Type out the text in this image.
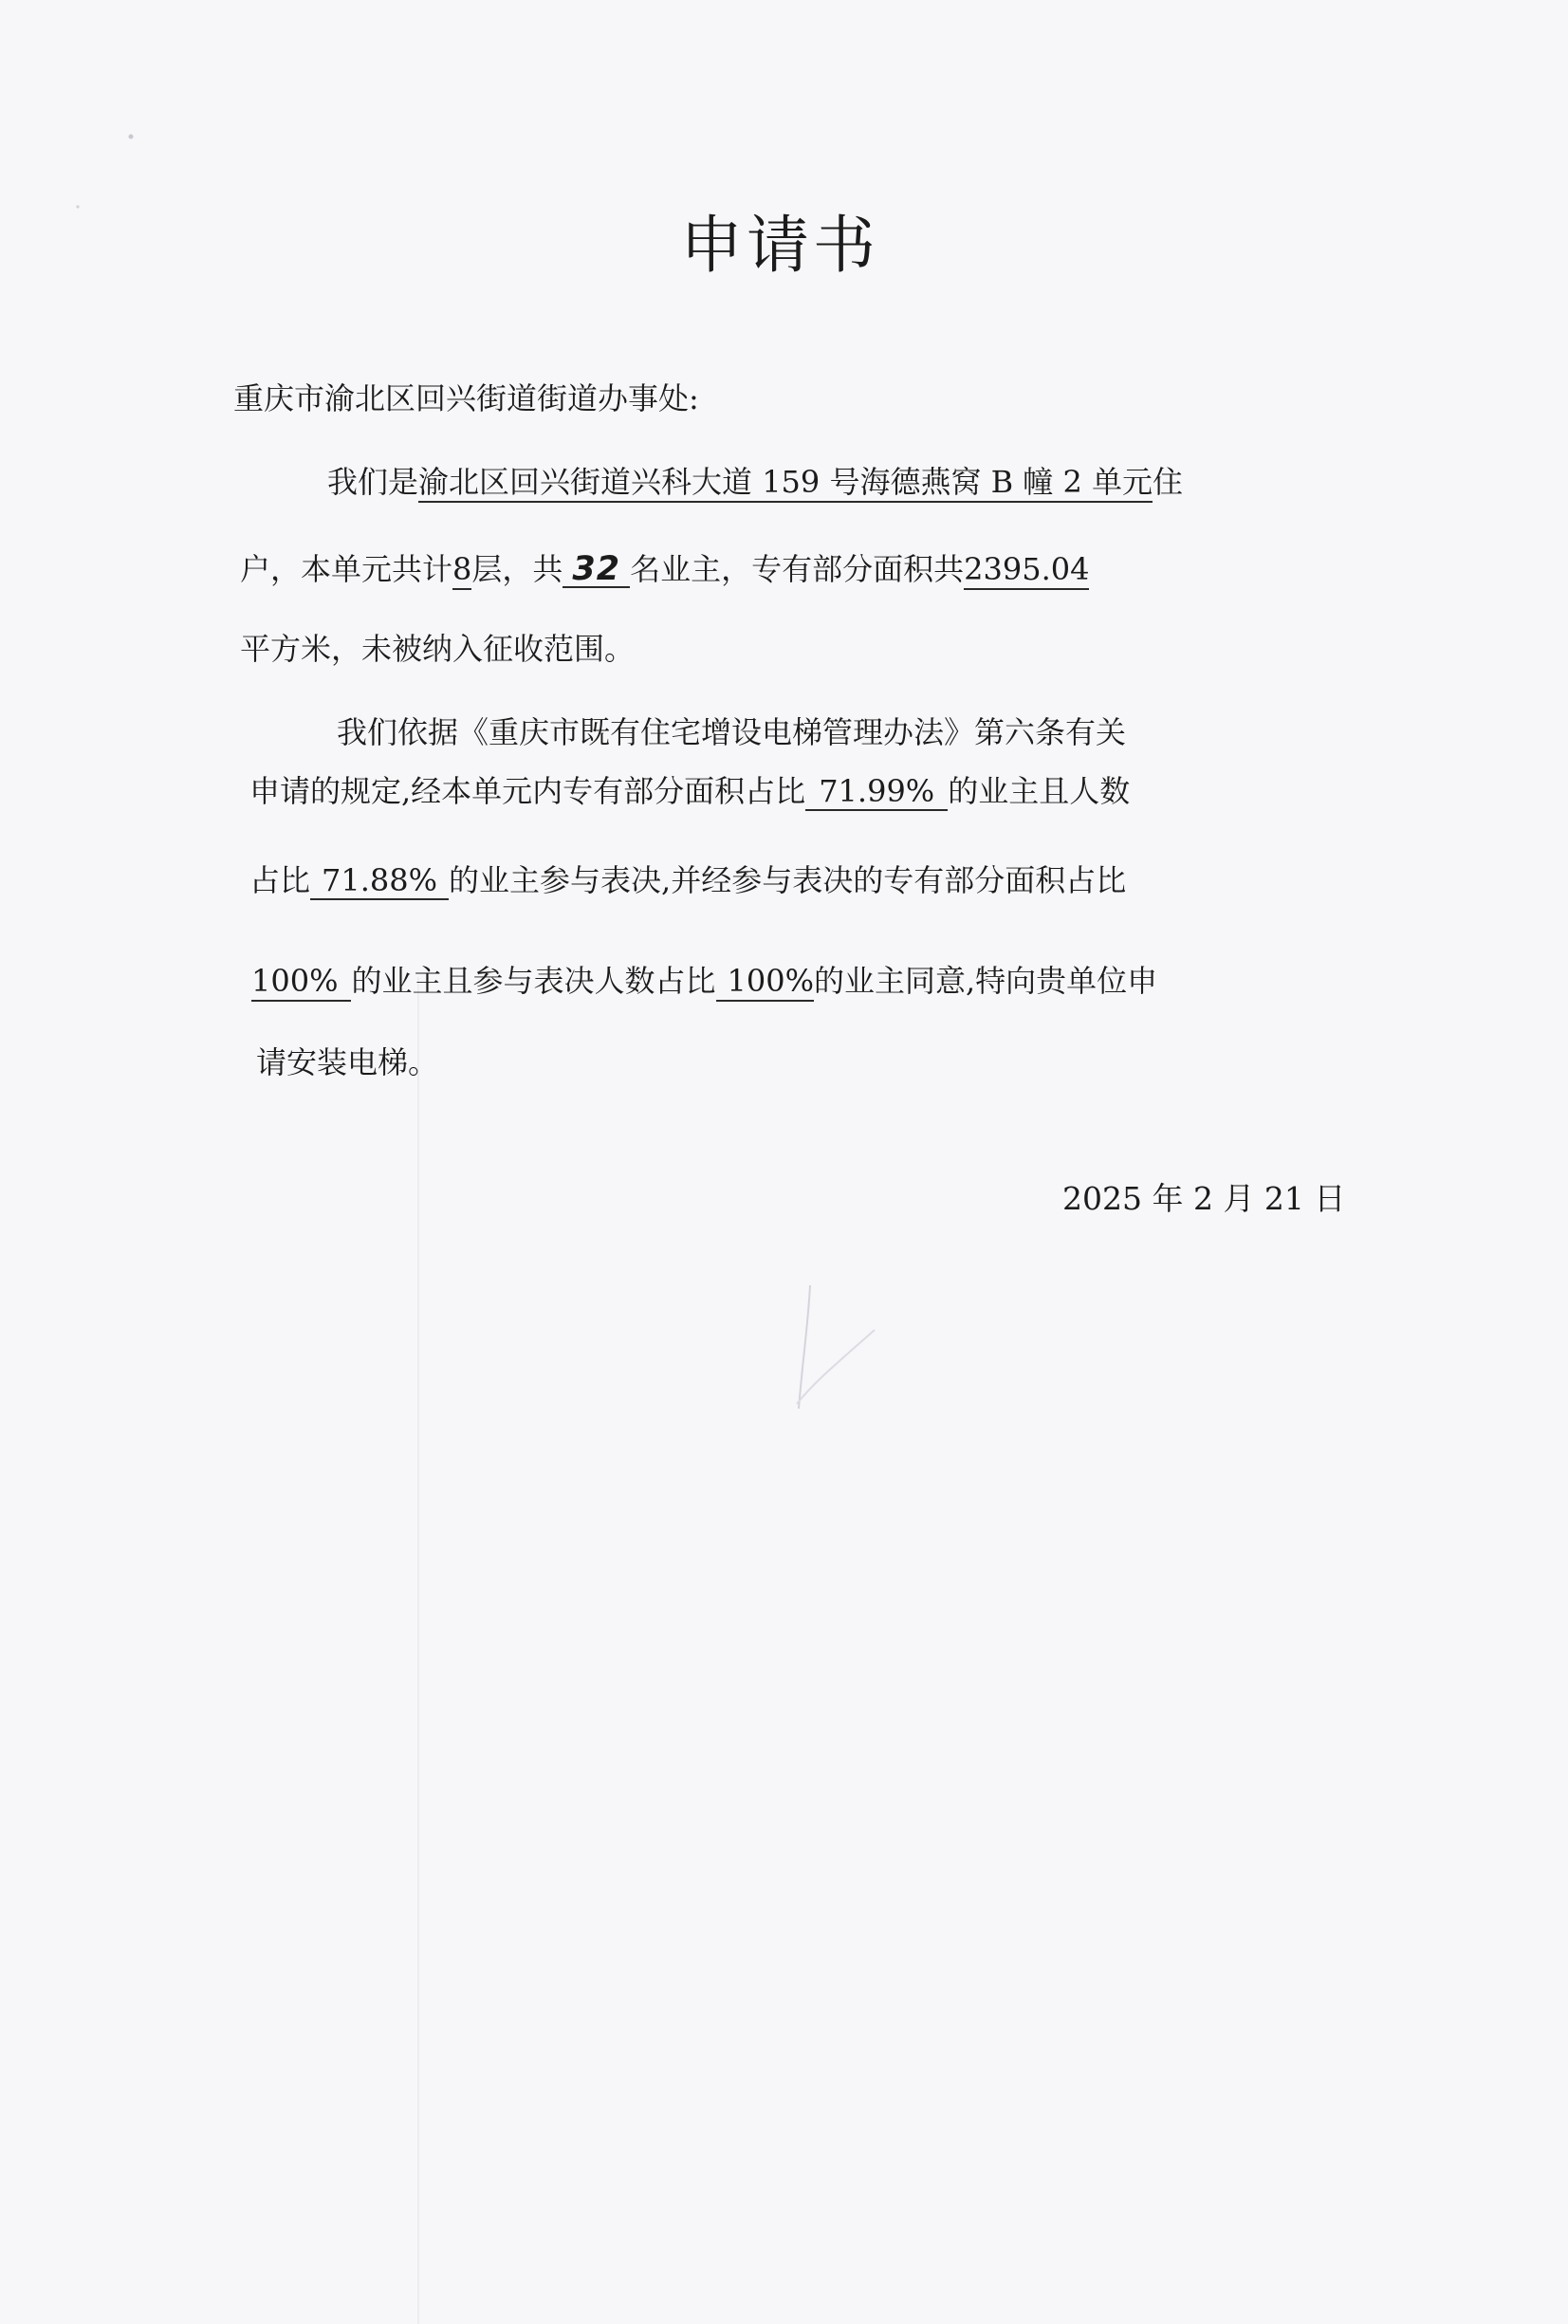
申请书
重庆市渝北区回兴街道街道办事处:
我们是渝北区回兴街道兴科大道 159 号海德燕窝 B 幢 2 单元住
户，本单元共计8层，共 32 名业主，专有部分面积共2395.04
平方米，未被纳入征收范围。
我们依据《重庆市既有住宅增设电梯管理办法》第六条有关
申请的规定,经本单元内专有部分面积占比 71.99% 的业主且人数
占比 71.88% 的业主参与表决,并经参与表决的专有部分面积占比
100% 的业主且参与表决人数占比 100%的业主同意,特向贵单位申
请安装电梯。
2025 年 2 月 21 日
